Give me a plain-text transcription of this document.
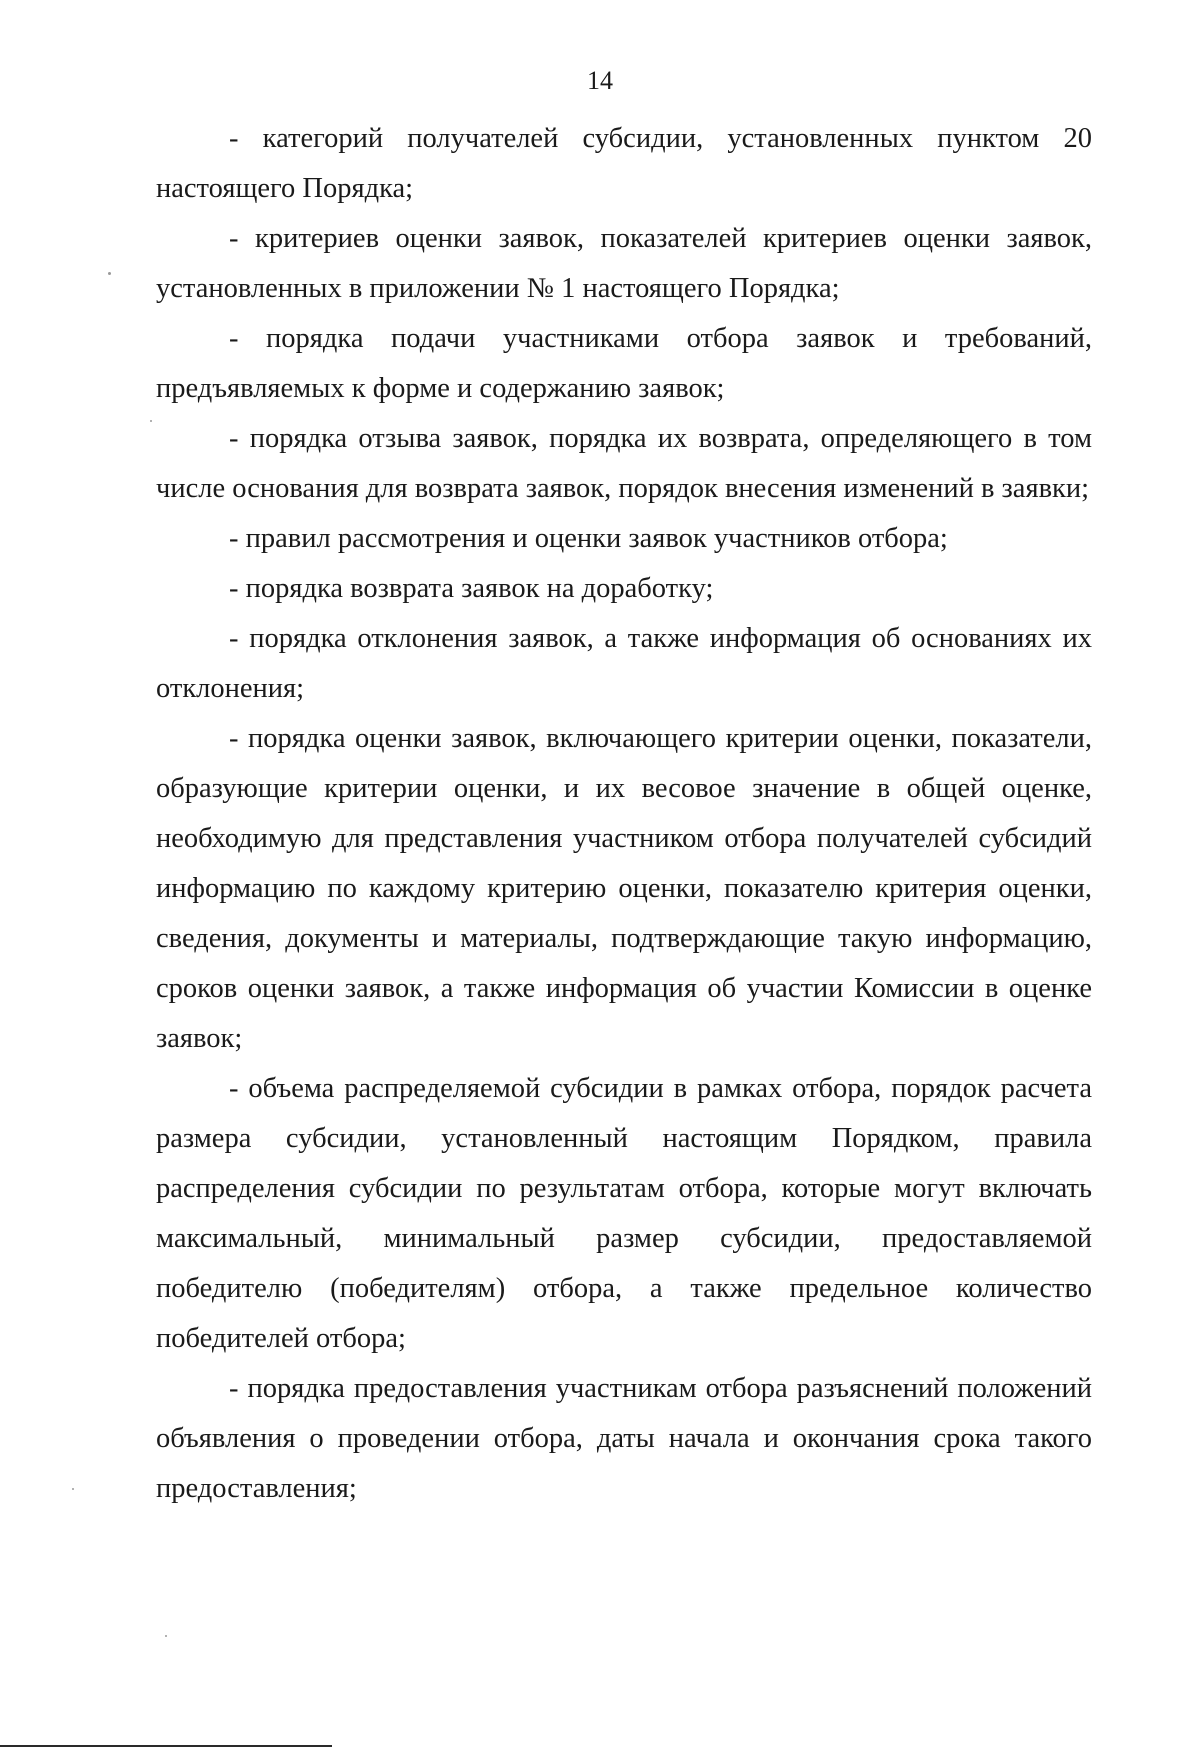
14

- категорий получателей субсидии, установленных пунктом 20 настоящего Порядка;

- критериев оценки заявок, показателей критериев оценки заявок, установленных в приложении № 1 настоящего Порядка;

- порядка подачи участниками отбора заявок и требований, предъявляемых к форме и содержанию заявок;

- порядка отзыва заявок, порядка их возврата, определяющего в том числе основания для возврата заявок, порядок внесения изменений в заявки;

- правил рассмотрения и оценки заявок участников отбора;

- порядка возврата заявок на доработку;

- порядка отклонения заявок, а также информация об основаниях их отклонения;

- порядка оценки заявок, включающего критерии оценки, показатели, образующие критерии оценки, и их весовое значение в общей оценке, необходимую для представления участником отбора получателей субсидий информацию по каждому критерию оценки, показателю критерия оценки, сведения, документы и материалы, подтверждающие такую информацию, сроков оценки заявок, а также информация об участии Комиссии в оценке заявок;

- объема распределяемой субсидии в рамках отбора, порядок расчета размера субсидии, установленный настоящим Порядком, правила распределения субсидии по результатам отбора, которые могут включать максимальный, минимальный размер субсидии, предоставляемой победителю (победителям) отбора, а также предельное количество победителей отбора;

- порядка предоставления участникам отбора разъяснений положений объявления о проведении отбора, даты начала и окончания срока такого предоставления;
